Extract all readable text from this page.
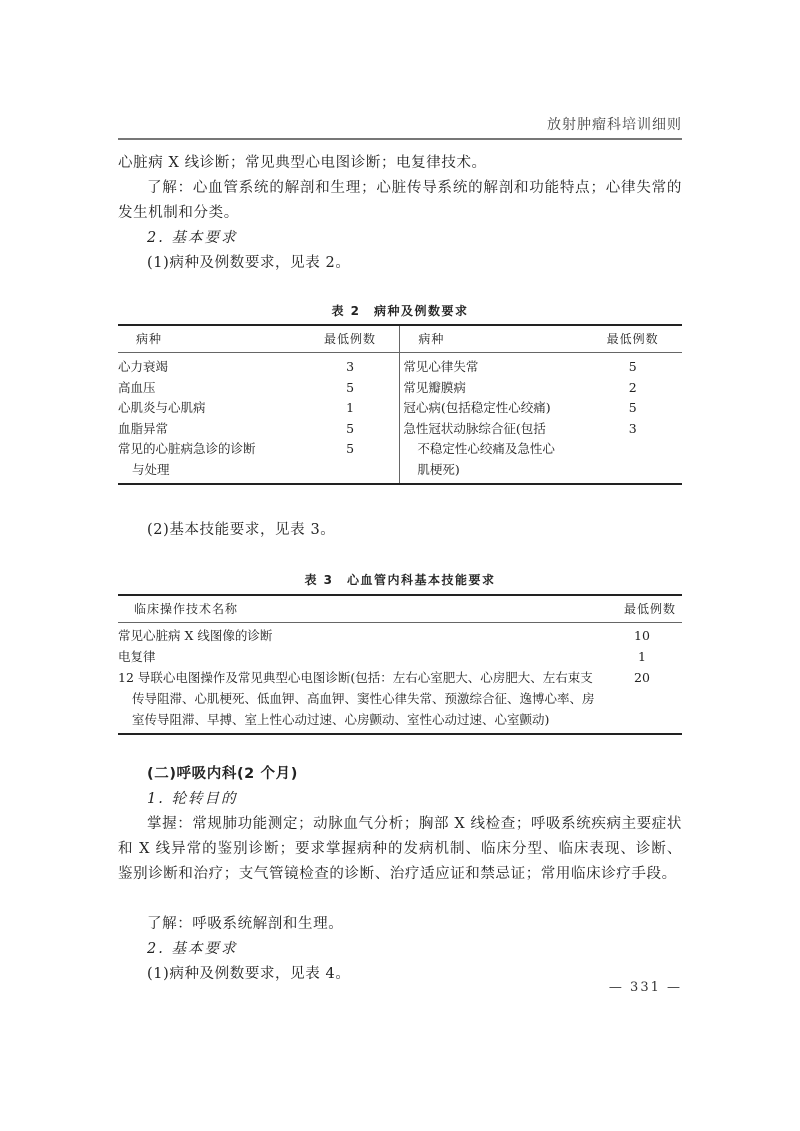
放射肿瘤科培训细则

心脏病 X 线诊断；常见典型心电图诊断；电复律技术。

了解：心血管系统的解剖和生理；心脏传导系统的解剖和功能特点；心律失常的发生机制和分类。

2. 基本要求

(1)病种及例数要求，见表 2。

表 2　病种及例数要求
病种	最低例数	病种	最低例数
心力衰竭	3	常见心律失常	5
高血压	5	常见瓣膜病	2
心肌炎与心肌病	1	冠心病(包括稳定性心绞痛)	5
血脂异常	5	急性冠状动脉综合征(包括	3
常见的心脏病急诊的诊断	5	不稳定性心绞痛及急性心	

与处理		肌梗死)	

(2)基本技能要求，见表 3。

表 3　心血管内科基本技能要求
临床操作技术名称	最低例数
常见心脏病 X 线图像的诊断	10
电复律	1

12 导联心电图操作及常见典型心电图诊断(包括：左右心室肥大、心房肥大、左右束支传导阻滞、心肌梗死、低血钾、高血钾、窦性心律失常、预激综合征、逸博心率、房室传导阻滞、早搏、室上性心动过速、心房颤动、室性心动过速、心室颤动)	20

(二)呼吸内科(2 个月)

1. 轮转目的

掌握：常规肺功能测定；动脉血气分析；胸部 X 线检查；呼吸系统疾病主要症状和 X 线异常的鉴别诊断；要求掌握病种的发病机制、临床分型、临床表现、诊断、鉴别诊断和治疗；支气管镜检查的诊断、治疗适应证和禁忌证；常用临床诊疗手段。

了解：呼吸系统解剖和生理。

2. 基本要求

(1)病种及例数要求，见表 4。

— 331 —
